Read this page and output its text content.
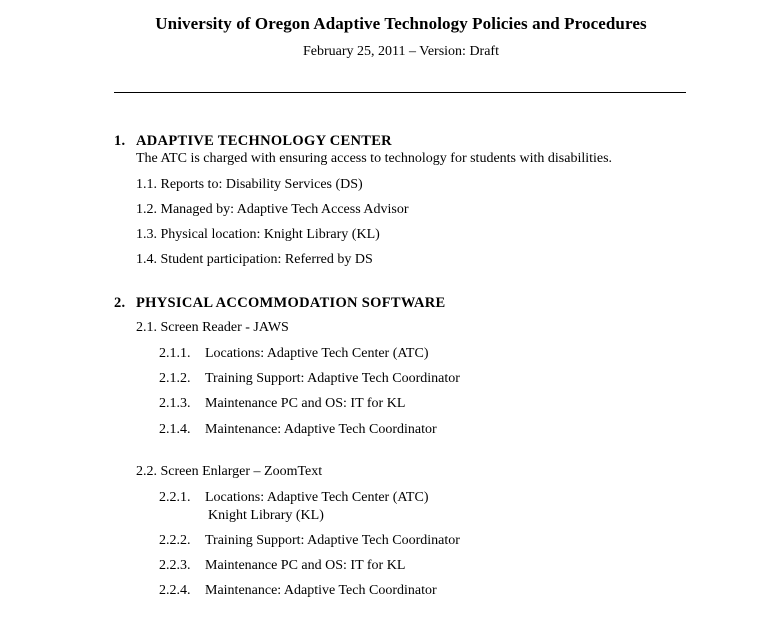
University of Oregon Adaptive Technology Policies and Procedures
February 25, 2011 – Version: Draft
1. ADAPTIVE TECHNOLOGY CENTER
The ATC is charged with ensuring access to technology for students with disabilities.
1.1. Reports to: Disability Services (DS)
1.2. Managed by: Adaptive Tech Access Advisor
1.3. Physical location: Knight Library (KL)
1.4. Student participation: Referred by DS
2. PHYSICAL ACCOMMODATION SOFTWARE
2.1. Screen Reader - JAWS
2.1.1. Locations: Adaptive Tech Center (ATC)
2.1.2. Training Support: Adaptive Tech Coordinator
2.1.3. Maintenance PC and OS: IT for KL
2.1.4. Maintenance: Adaptive Tech Coordinator
2.2. Screen Enlarger – ZoomText
2.2.1. Locations: Adaptive Tech Center (ATC)
Knight Library (KL)
2.2.2. Training Support: Adaptive Tech Coordinator
2.2.3. Maintenance PC and OS: IT for KL
2.2.4. Maintenance: Adaptive Tech Coordinator
